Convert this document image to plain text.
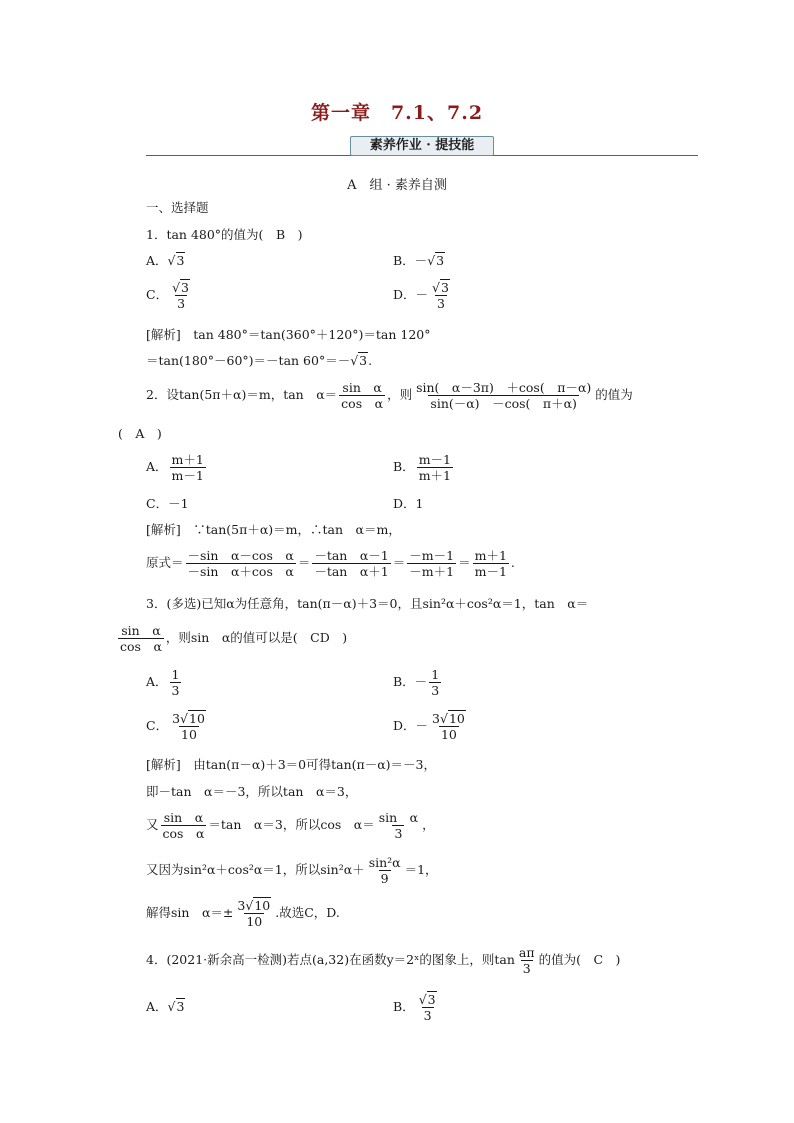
第一章　7.1、7.2
素养作业 · 提技能
A　组 · 素养自测
一、选择题
1．tan 480°的值为(　B　)
A．√3	B．－√3
C． $\frac{√3}{3}$	D．－ $\frac{√3}{3}$
[解析]　 tan 480°＝tan(360°＋120°)＝tan 120°
＝tan(180°－60°)＝－tan 60°＝－√3.
2．设tan(5π＋α)＝m，tan　$\alpha= \frac{\text{sin　α}}{\text{cos　α}}$ ，则 $\frac{\sin( \alpha-3\pi) +\cos( \pi-\alpha)}{\sin(-\alpha) -\cos( \pi+\alpha)}$ 的值为
(　A　)
A． $\frac{m+1}{m-1}$	B． $\frac{m-1}{m+1}$
C．－1	D．1
[解析]　 ∵tan(5π＋α)＝m，∴tan　α＝m，
原式＝ $\frac{\text{－sin　α－cos　α}}{\text{－sin　α＋cos　α}} = \frac{\text{－tan　α－1}}{\text{－tan　α＋1}} = \frac{-m-1}{-m+1} = \frac{m+1}{m-1}$ .
3．(多选)已知α为任意角，tan(π－α)＋3＝0，且sin²α＋cos²α＝1，tan　α＝
$\frac{\text{sin　α}}{\text{cos　α}}$ ，则sin　α的值可以是(　CD　)
A． $\frac{1}{3}$	B．－ $\frac{1}{3}$
C． $\frac{3√10}{10}$	D．－ $\frac{3√10}{10}$
[解析]　 由tan(π－α)＋3＝0可得tan(π－α)＝－3，
即－tan　α＝－3，所以tan　α＝3，
又 $\frac{\text{sin　α}}{\text{cos　α}} =\tan$　α＝3，所以cos　$\alpha= \frac{\text{sin　α}}{3}$ ，
又因为sin²α＋cos²α＝1，所以$\sin^2\alpha+ \frac{\text{sin²α}}{9} =1$，
解得sin　$\alpha=\pm \frac{3√10}{10}$ .故选C，D.
4．(2021·新余高一检测)若点(a,32)在函数y＝2ˣ的图象上，则$\tan \frac{a\pi}{3}$ 的值为(　C　)
A．√3	B． $\frac{√3}{3}$
